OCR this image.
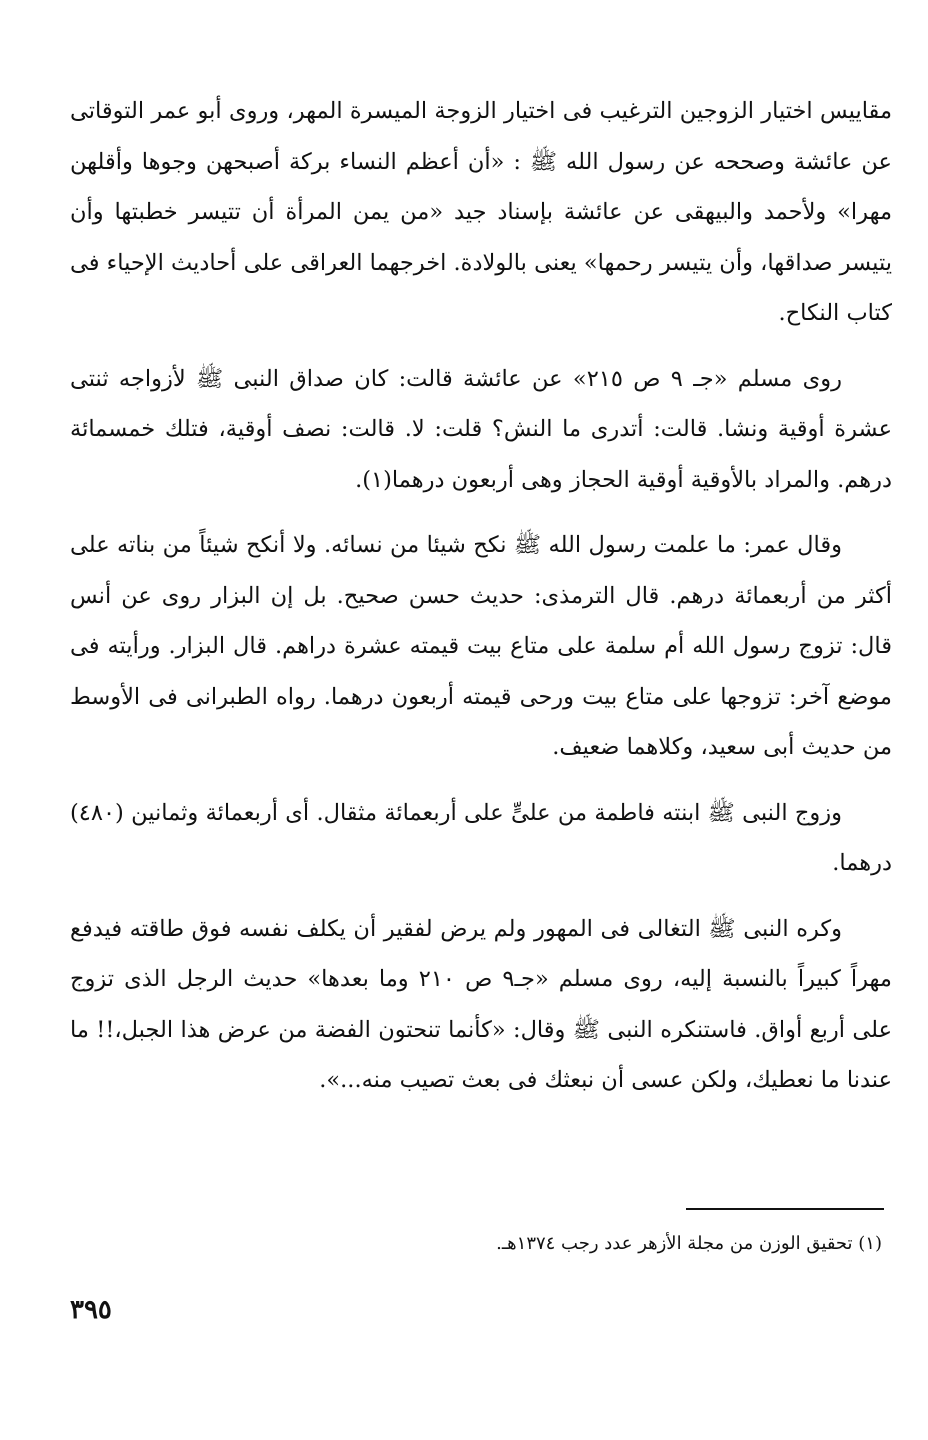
مقاييس اختيار الزوجين الترغيب فى اختيار الزوجة الميسرة المهر، وروى أبو عمر التوقاتى عن عائشة وصححه عن رسول الله ﷺ : «أن أعظم النساء بركة أصبحهن وجوها وأقلهن مهرا» ولأحمد والبيهقى عن عائشة بإسناد جيد «من يمن المرأة أن تتيسر خطبتها وأن يتيسر صداقها، وأن يتيسر رحمها» يعنى بالولادة. اخرجهما العراقى على أحاديث الإحياء فى كتاب النكاح.

روى مسلم «جـ ٩ ص ٢١٥» عن عائشة قالت: كان صداق النبى ﷺ لأزواجه ثنتى عشرة أوقية ونشا. قالت: أتدرى ما النش؟ قلت: لا. قالت: نصف أوقية، فتلك خمسمائة درهم. والمراد بالأوقية أوقية الحجاز وهى أربعون درهما(١).

وقال عمر: ما علمت رسول الله ﷺ نكح شيئا من نسائه. ولا أنكح شيئاً من بناته على أكثر من أربعمائة درهم. قال الترمذى: حديث حسن صحيح. بل إن البزار روى عن أنس قال: تزوج رسول الله أم سلمة على متاع بيت قيمته عشرة دراهم. قال البزار. ورأيته فى موضع آخر: تزوجها على متاع بيت ورحى قيمته أربعون درهما. رواه الطبرانى فى الأوسط من حديث أبى سعيد، وكلاهما ضعيف.

وزوج النبى ﷺ ابنته فاطمة من علىٍّ على أربعمائة مثقال. أى أربعمائة وثمانين (٤٨٠) درهما.

وكره النبى ﷺ التغالى فى المهور ولم يرض لفقير أن يكلف نفسه فوق طاقته فيدفع مهراً كبيراً بالنسبة إليه، روى مسلم «جـ٩ ص ٢١٠ وما بعدها» حديث الرجل الذى تزوج على أربع أواق. فاستنكره النبى ﷺ وقال: «كأنما تنحتون الفضة من عرض هذا الجبل،!! ما عندنا ما نعطيك، ولكن عسى أن نبعثك فى بعث تصيب منه...».

(١) تحقيق الوزن من مجلة الأزهر عدد رجب ١٣٧٤هـ.
٣٩٥
